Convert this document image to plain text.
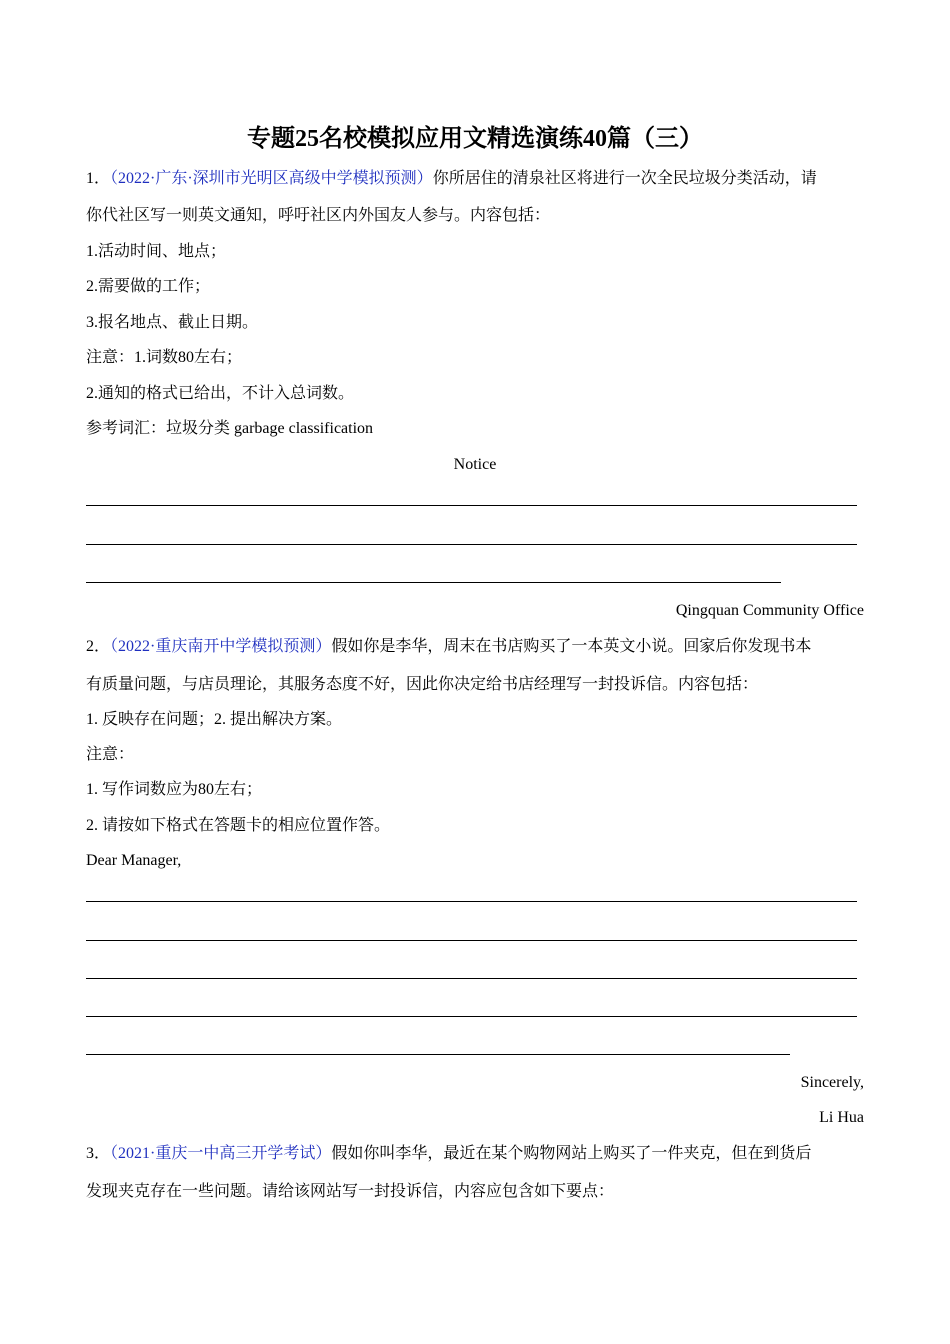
专题25名校模拟应用文精选演练40篇（三）
1．（2022·广东·深圳市光明区高级中学模拟预测）你所居住的清泉社区将进行一次全民垃圾分类活动，请
你代社区写一则英文通知，呼吁社区内外国友人参与。内容包括：
1.活动时间、地点；
2.需要做的工作；
3.报名地点、截止日期。
注意：1.词数80左右；
2.通知的格式已给出，不计入总词数。
参考词汇：垃圾分类 garbage classification
Notice
Qingquan Community Office
2．（2022·重庆南开中学模拟预测）假如你是李华，周末在书店购买了一本英文小说。回家后你发现书本
有质量问题，与店员理论，其服务态度不好，因此你决定给书店经理写一封投诉信。内容包括：
1. 反映存在问题；2. 提出解决方案。
注意：
1. 写作词数应为80左右；
2. 请按如下格式在答题卡的相应位置作答。
Dear Manager,
Sincerely,
Li Hua
3．（2021·重庆一中高三开学考试）假如你叫李华，最近在某个购物网站上购买了一件夹克，但在到货后
发现夹克存在一些问题。请给该网站写一封投诉信，内容应包含如下要点：
